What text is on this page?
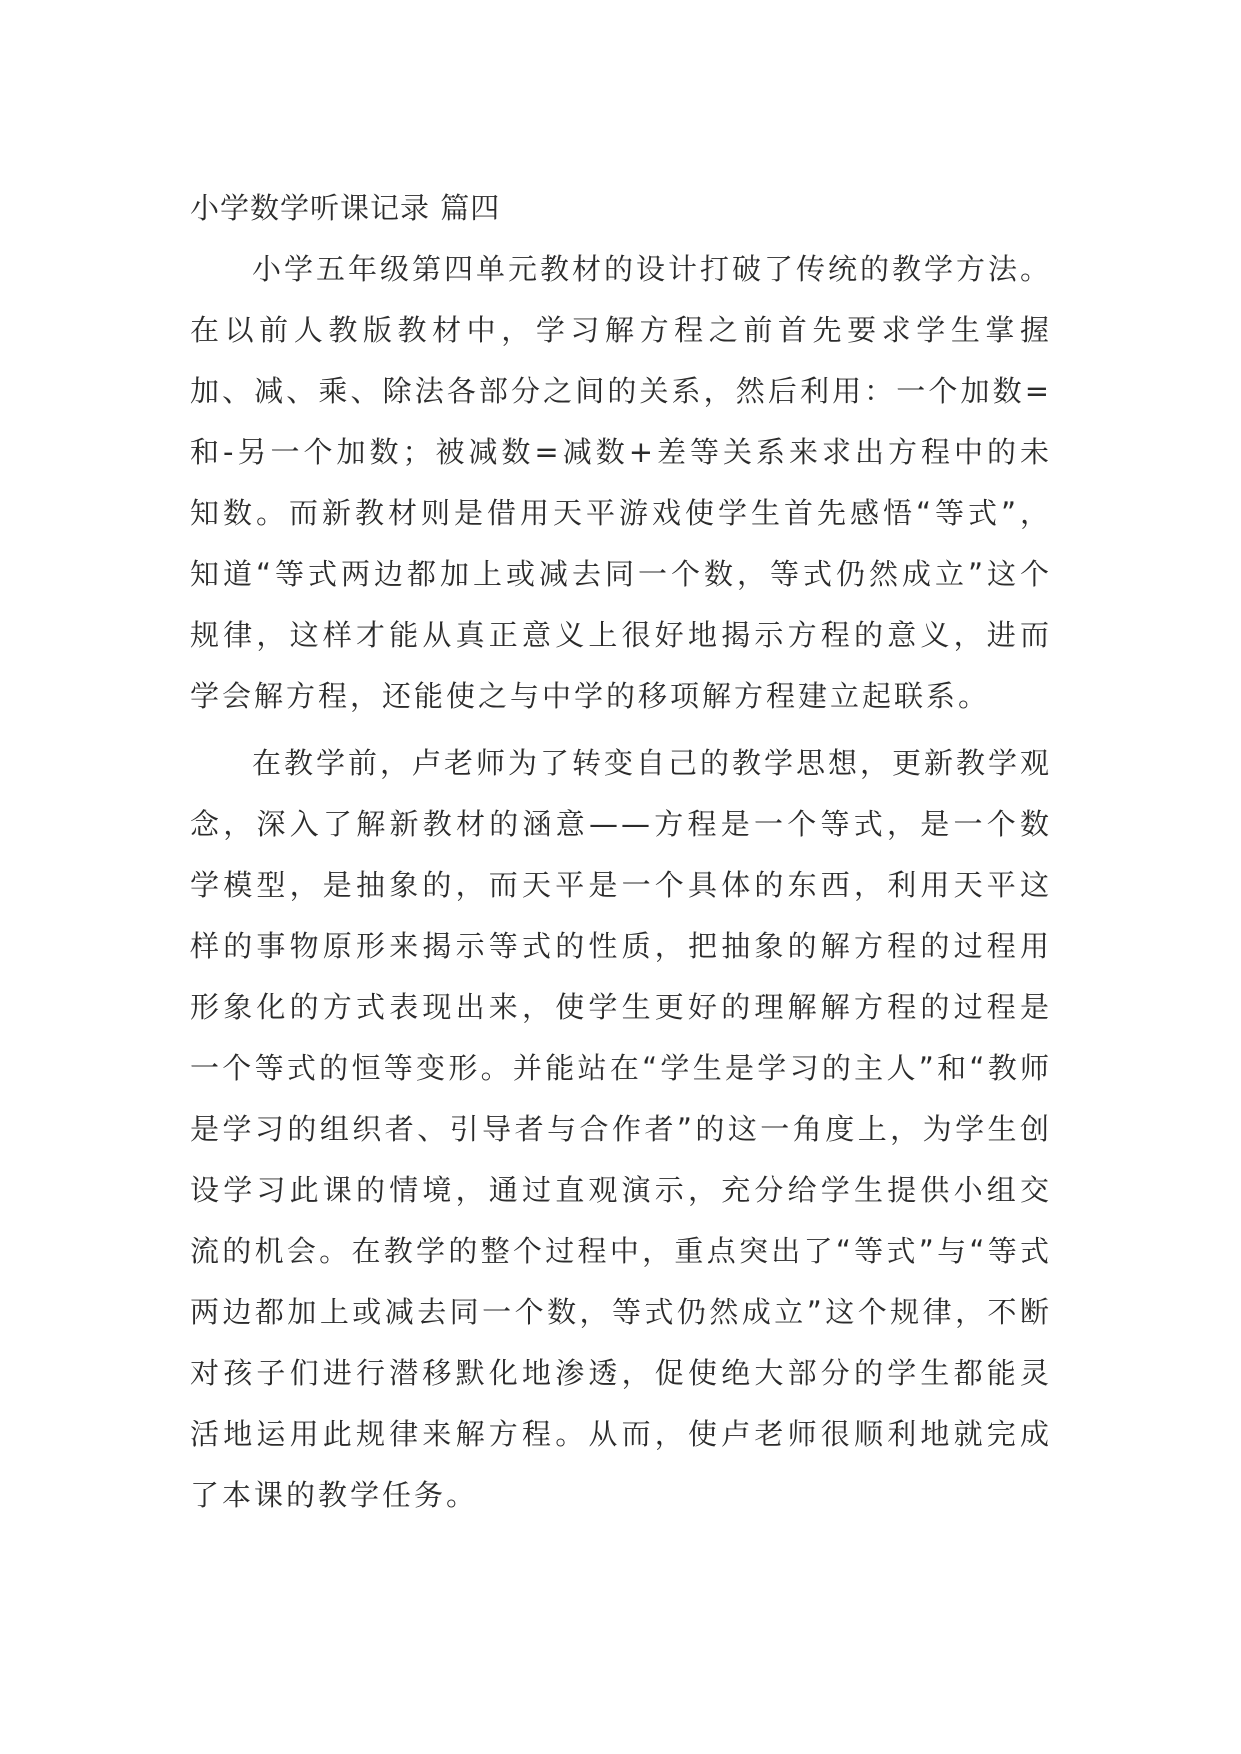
小学数学听课记录 篇四

小学五年级第四单元教材的设计打破了传统的教学方法。在以前人教版教材中，学习解方程之前首先要求学生掌握加、减、乘、除法各部分之间的关系，然后利用：一个加数=和-另一个加数；被减数=减数+差等关系来求出方程中的未知数。而新教材则是借用天平游戏使学生首先感悟“等式”，知道“等式两边都加上或减去同一个数，等式仍然成立”这个规律，这样才能从真正意义上很好地揭示方程的意义，进而学会解方程，还能使之与中学的移项解方程建立起联系。

在教学前，卢老师为了转变自己的教学思想，更新教学观念，深入了解新教材的涵意——方程是一个等式，是一个数学模型，是抽象的，而天平是一个具体的东西，利用天平这样的事物原形来揭示等式的性质，把抽象的解方程的过程用形象化的方式表现出来，使学生更好的理解解方程的过程是一个等式的恒等变形。并能站在“学生是学习的主人”和“教师是学习的组织者、引导者与合作者”的这一角度上，为学生创设学习此课的情境，通过直观演示，充分给学生提供小组交流的机会。在教学的整个过程中，重点突出了“等式”与“等式两边都加上或减去同一个数，等式仍然成立”这个规律，不断对孩子们进行潜移默化地渗透，促使绝大部分的学生都能灵活地运用此规律来解方程。从而，使卢老师很顺利地就完成了本课的教学任务。
